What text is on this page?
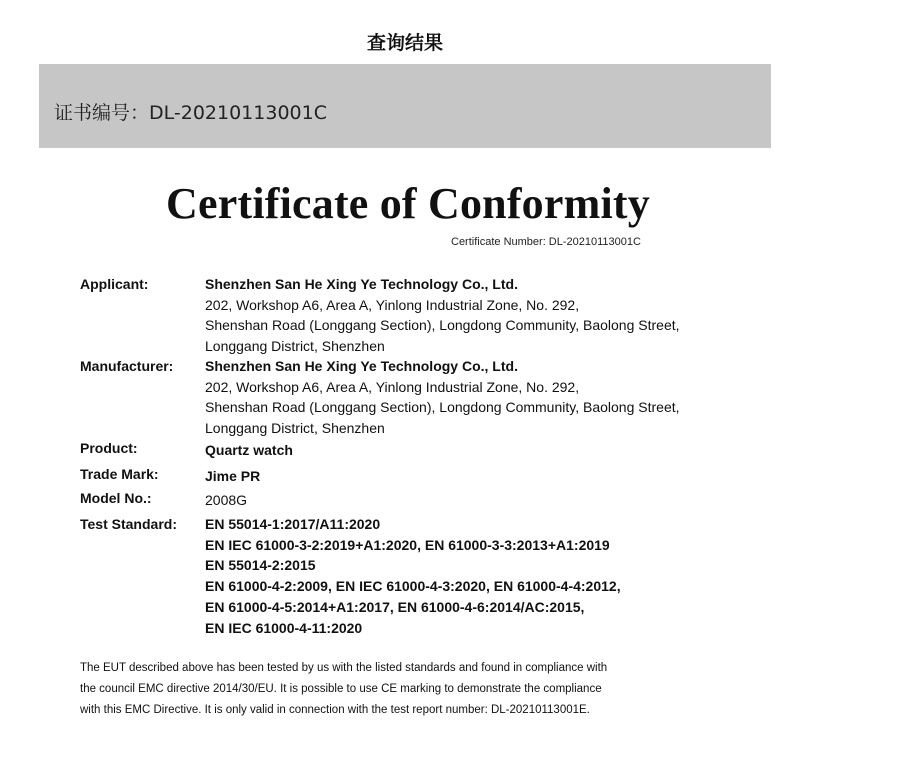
查询结果
证书编号：DL-20210113001C
Certificate of Conformity
Certificate Number: DL-20210113001C
Applicant:	Shenzhen San He Xing Ye Technology Co., Ltd.
202, Workshop A6, Area A, Yinlong Industrial Zone, No. 292,
Shenshan Road (Longgang Section), Longdong Community, Baolong Street,
Longgang District, Shenzhen
Manufacturer: Shenzhen San He Xing Ye Technology Co., Ltd.
202, Workshop A6, Area A, Yinlong Industrial Zone, No. 292,
Shenshan Road (Longgang Section), Longdong Community, Baolong Street,
Longgang District, Shenzhen
Product:	Quartz watch
Trade Mark:	Jime PR
Model No.:	2008G
Test Standard: EN 55014-1:2017/A11:2020
EN IEC 61000-3-2:2019+A1:2020, EN 61000-3-3:2013+A1:2019
EN 55014-2:2015
EN 61000-4-2:2009, EN IEC 61000-4-3:2020, EN 61000-4-4:2012,
EN 61000-4-5:2014+A1:2017, EN 61000-4-6:2014/AC:2015,
EN IEC 61000-4-11:2020
The EUT described above has been tested by us with the listed standards and found in compliance with
the council EMC directive 2014/30/EU. It is possible to use CE marking to demonstrate the compliance
with this EMC Directive. It is only valid in connection with the test report number: DL-20210113001E.
